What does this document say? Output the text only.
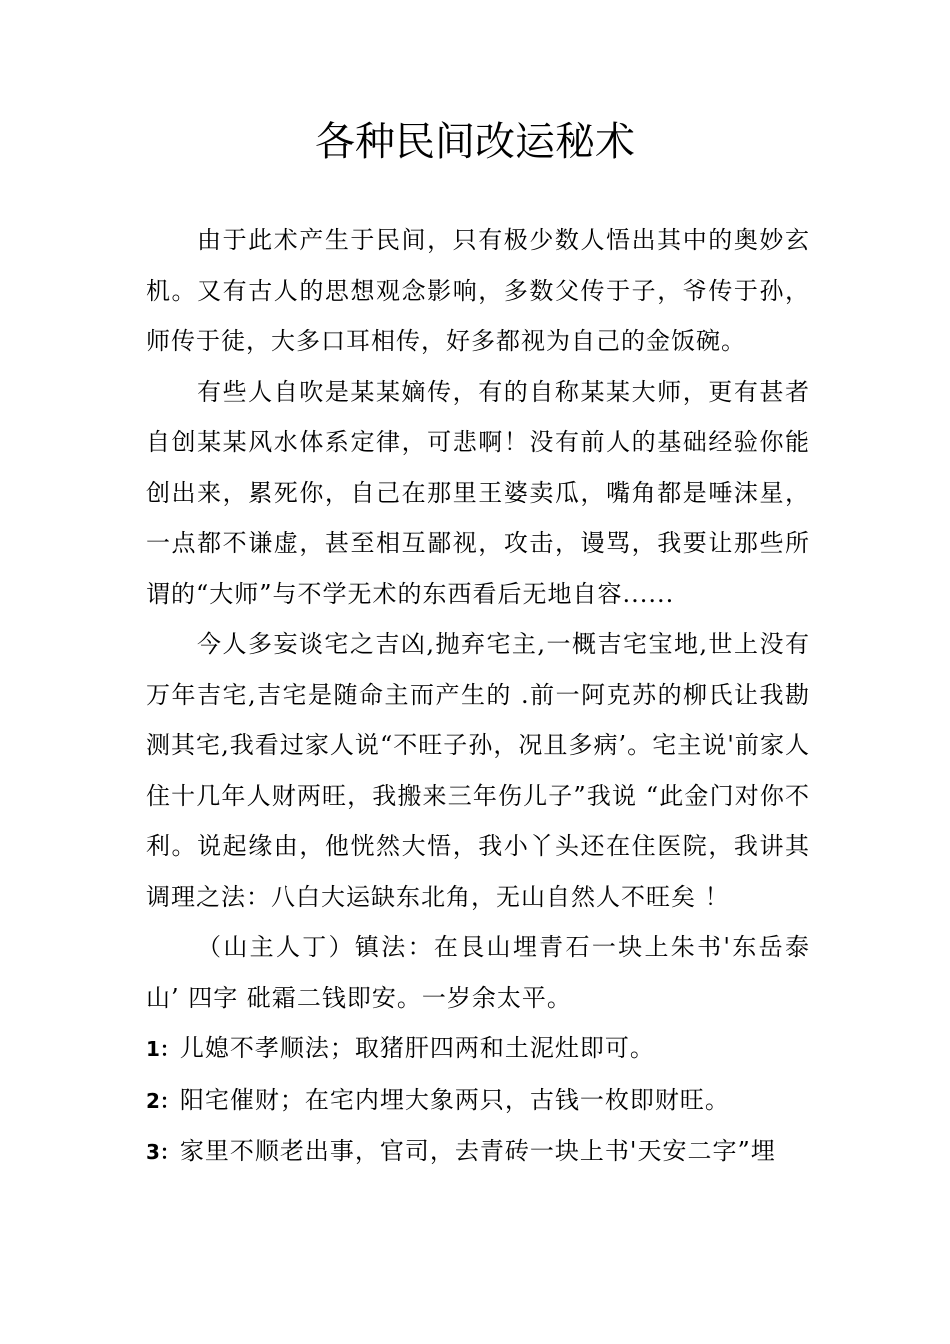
各种民间改运秘术

由于此术产生于民间，只有极少数人悟出其中的奥妙玄机。又有古人的思想观念影响，多数父传于子，爷传于孙，师传于徒，大多口耳相传，好多都视为自己的金饭碗。

有些人自吹是某某嫡传，有的自称某某大师，更有甚者自创某某风水体系定律，可悲啊！没有前人的基础经验你能创出来，累死你，自己在那里王婆卖瓜，嘴角都是唾沫星，一点都不谦虚，甚至相互鄙视，攻击，谩骂，我要让那些所谓的“大师”与不学无术的东西看后无地自容......

今人多妄谈宅之吉凶,抛弃宅主,一概吉宅宝地,世上没有万年吉宅,吉宅是随命主而产生的 .前一阿克苏的柳氏让我勘测其宅,我看过家人说“不旺子孙，况且多病’。宅主说'前家人住十几年人财两旺，我搬来三年伤儿子”我说 “此金门对你不利。说起缘由，他恍然大悟，我小丫头还在住医院，我讲其调理之法：八白大运缺东北角，无山自然人不旺矣 ！

（山主人丁）镇法：在艮山埋青石一块上朱书'东岳泰山’ 四字 砒霜二钱即安。一岁余太平。

1：儿媳不孝顺法；取猪肝四两和土泥灶即可。

2：阳宅催财；在宅内埋大象两只，古钱一枚即财旺。

3：家里不顺老出事，官司，去青砖一块上书'天安二字”埋
